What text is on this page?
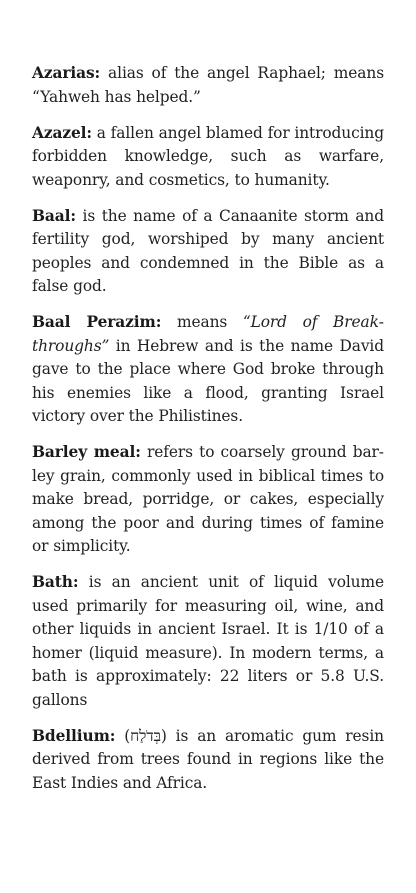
Azarias: alias of the angel Raphael; means “Yahweh has helped.”

Azazel: a fallen angel blamed for introducing forbidden knowledge, such as warfare, weaponry, and cosmetics, to humanity.

Baal: is the name of a Canaanite storm and fertility god, worshiped by many ancient peoples and condemned in the Bible as a false god.

Baal Perazim: means “Lord of Breakthroughs” in Hebrew and is the name David gave to the place where God broke through his enemies like a flood, granting Israel victory over the Philistines.

Barley meal: refers to coarsely ground barley grain, commonly used in biblical times to make bread, porridge, or cakes, especially among the poor and during times of famine or simplicity.

Bath: is an ancient unit of liquid volume used primarily for measuring oil, wine, and other liquids in ancient Israel. It is 1/10 of a homer (liquid measure). In modern terms, a bath is approximately: 22 liters or 5.8 U.S. gallons

Bdellium: (בְּדֹלַח) is an aromatic gum resin derived from trees found in regions like the East Indies and Africa.
